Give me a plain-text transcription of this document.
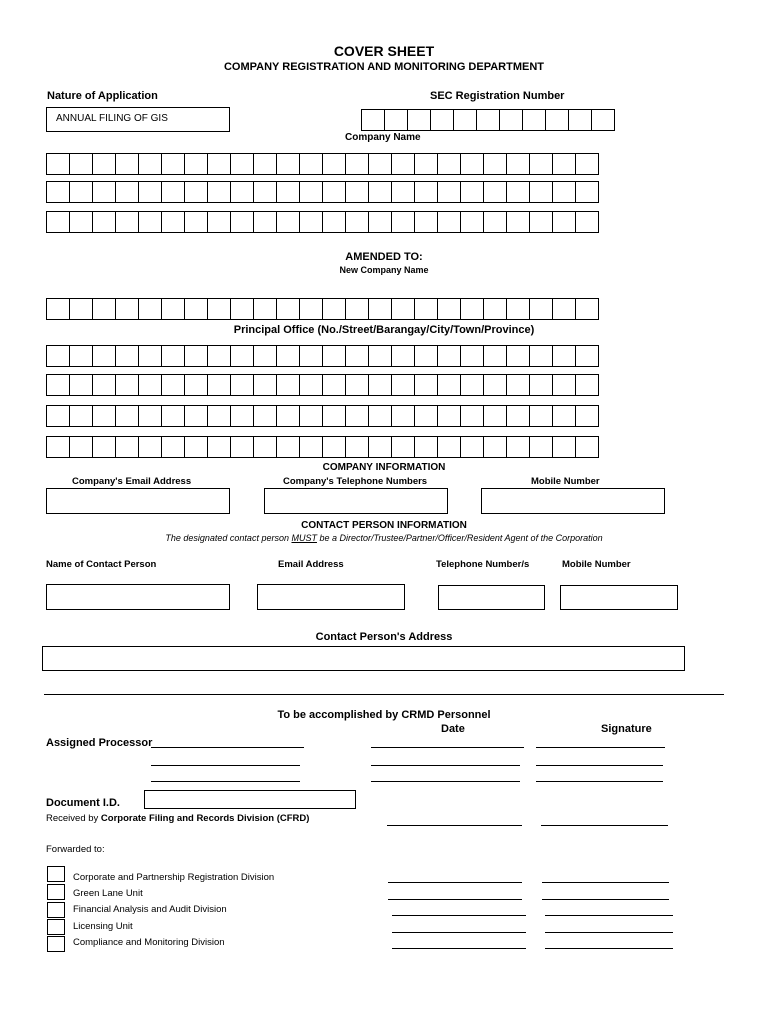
COVER SHEET
COMPANY REGISTRATION AND MONITORING DEPARTMENT
Nature of Application
ANNUAL FILING OF GIS
SEC Registration Number
Company Name
AMENDED TO:
New Company Name
Principal Office (No./Street/Barangay/City/Town/Province)
COMPANY INFORMATION
Company's Email Address	Company's Telephone Numbers	Mobile Number
CONTACT PERSON INFORMATION
The designated contact person MUST be a Director/Trustee/Partner/Officer/Resident Agent of the Corporation
Name of Contact Person	Email Address	Telephone Number/s	Mobile Number
Contact Person's Address
To be accomplished by CRMD Personnel
Date	Signature
Assigned Processor
Document I.D.
Received by Corporate Filing and Records Division (CFRD)
Forwarded to:
Corporate and Partnership Registration Division
Green Lane Unit
Financial Analysis and Audit Division
Licensing Unit
Compliance and Monitoring Division
